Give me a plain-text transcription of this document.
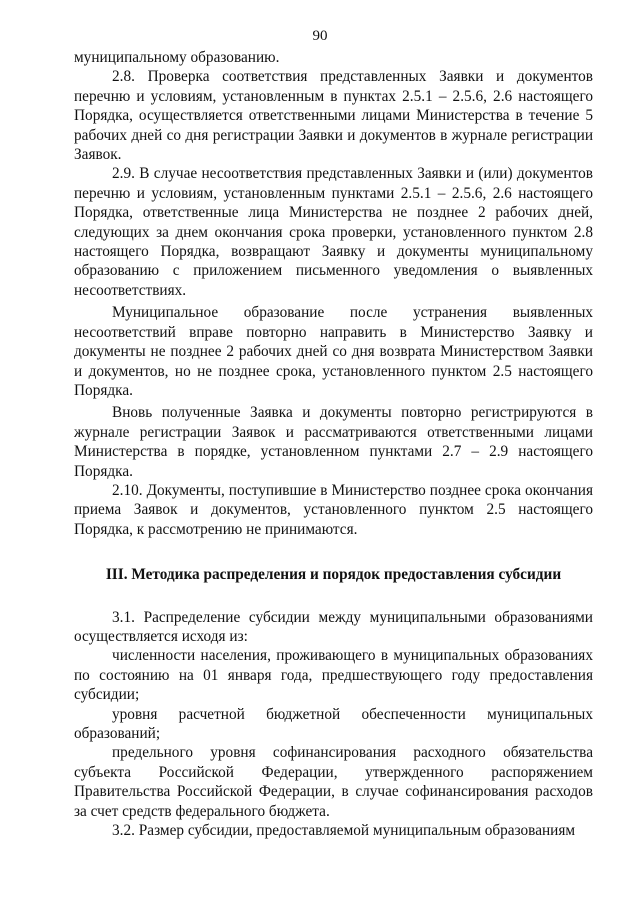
90

муниципальному образованию.

2.8. Проверка соответствия представленных Заявки и документов перечню и условиям, установленным в пунктах 2.5.1 – 2.5.6, 2.6 настоящего Порядка, осуществляется ответственными лицами Министерства в течение 5 рабочих дней со дня регистрации Заявки и документов в журнале регистрации Заявок.

2.9. В случае несоответствия представленных Заявки и (или) документов перечню и условиям, установленным пунктами 2.5.1 – 2.5.6, 2.6 настоящего Порядка, ответственные лица Министерства не позднее 2 рабочих дней, следующих за днем окончания срока проверки, установленного пунктом 2.8 настоящего Порядка, возвращают Заявку и документы муниципальному образованию с приложением письменного уведомления о выявленных несоответствиях.

Муниципальное образование после устранения выявленных несоответствий вправе повторно направить в Министерство Заявку и документы не позднее 2 рабочих дней со дня возврата Министерством Заявки и документов, но не позднее срока, установленного пунктом 2.5 настоящего Порядка.

Вновь полученные Заявка и документы повторно регистрируются в журнале регистрации Заявок и рассматриваются ответственными лицами Министерства в порядке, установленном пунктами 2.7 – 2.9 настоящего Порядка.

2.10. Документы, поступившие в Министерство позднее срока окончания приема Заявок и документов, установленного пунктом 2.5 настоящего Порядка, к рассмотрению не принимаются.

III. Методика распределения и порядок предоставления субсидии

3.1. Распределение субсидии между муниципальными образованиями осуществляется исходя из:

численности населения, проживающего в муниципальных образованиях по состоянию на 01 января года, предшествующего году предоставления субсидии;

уровня расчетной бюджетной обеспеченности муниципальных образований;

предельного уровня софинансирования расходного обязательства субъекта Российской Федерации, утвержденного распоряжением Правительства Российской Федерации, в случае софинансирования расходов за счет средств федерального бюджета.

3.2. Размер субсидии, предоставляемой муниципальным образованиям
